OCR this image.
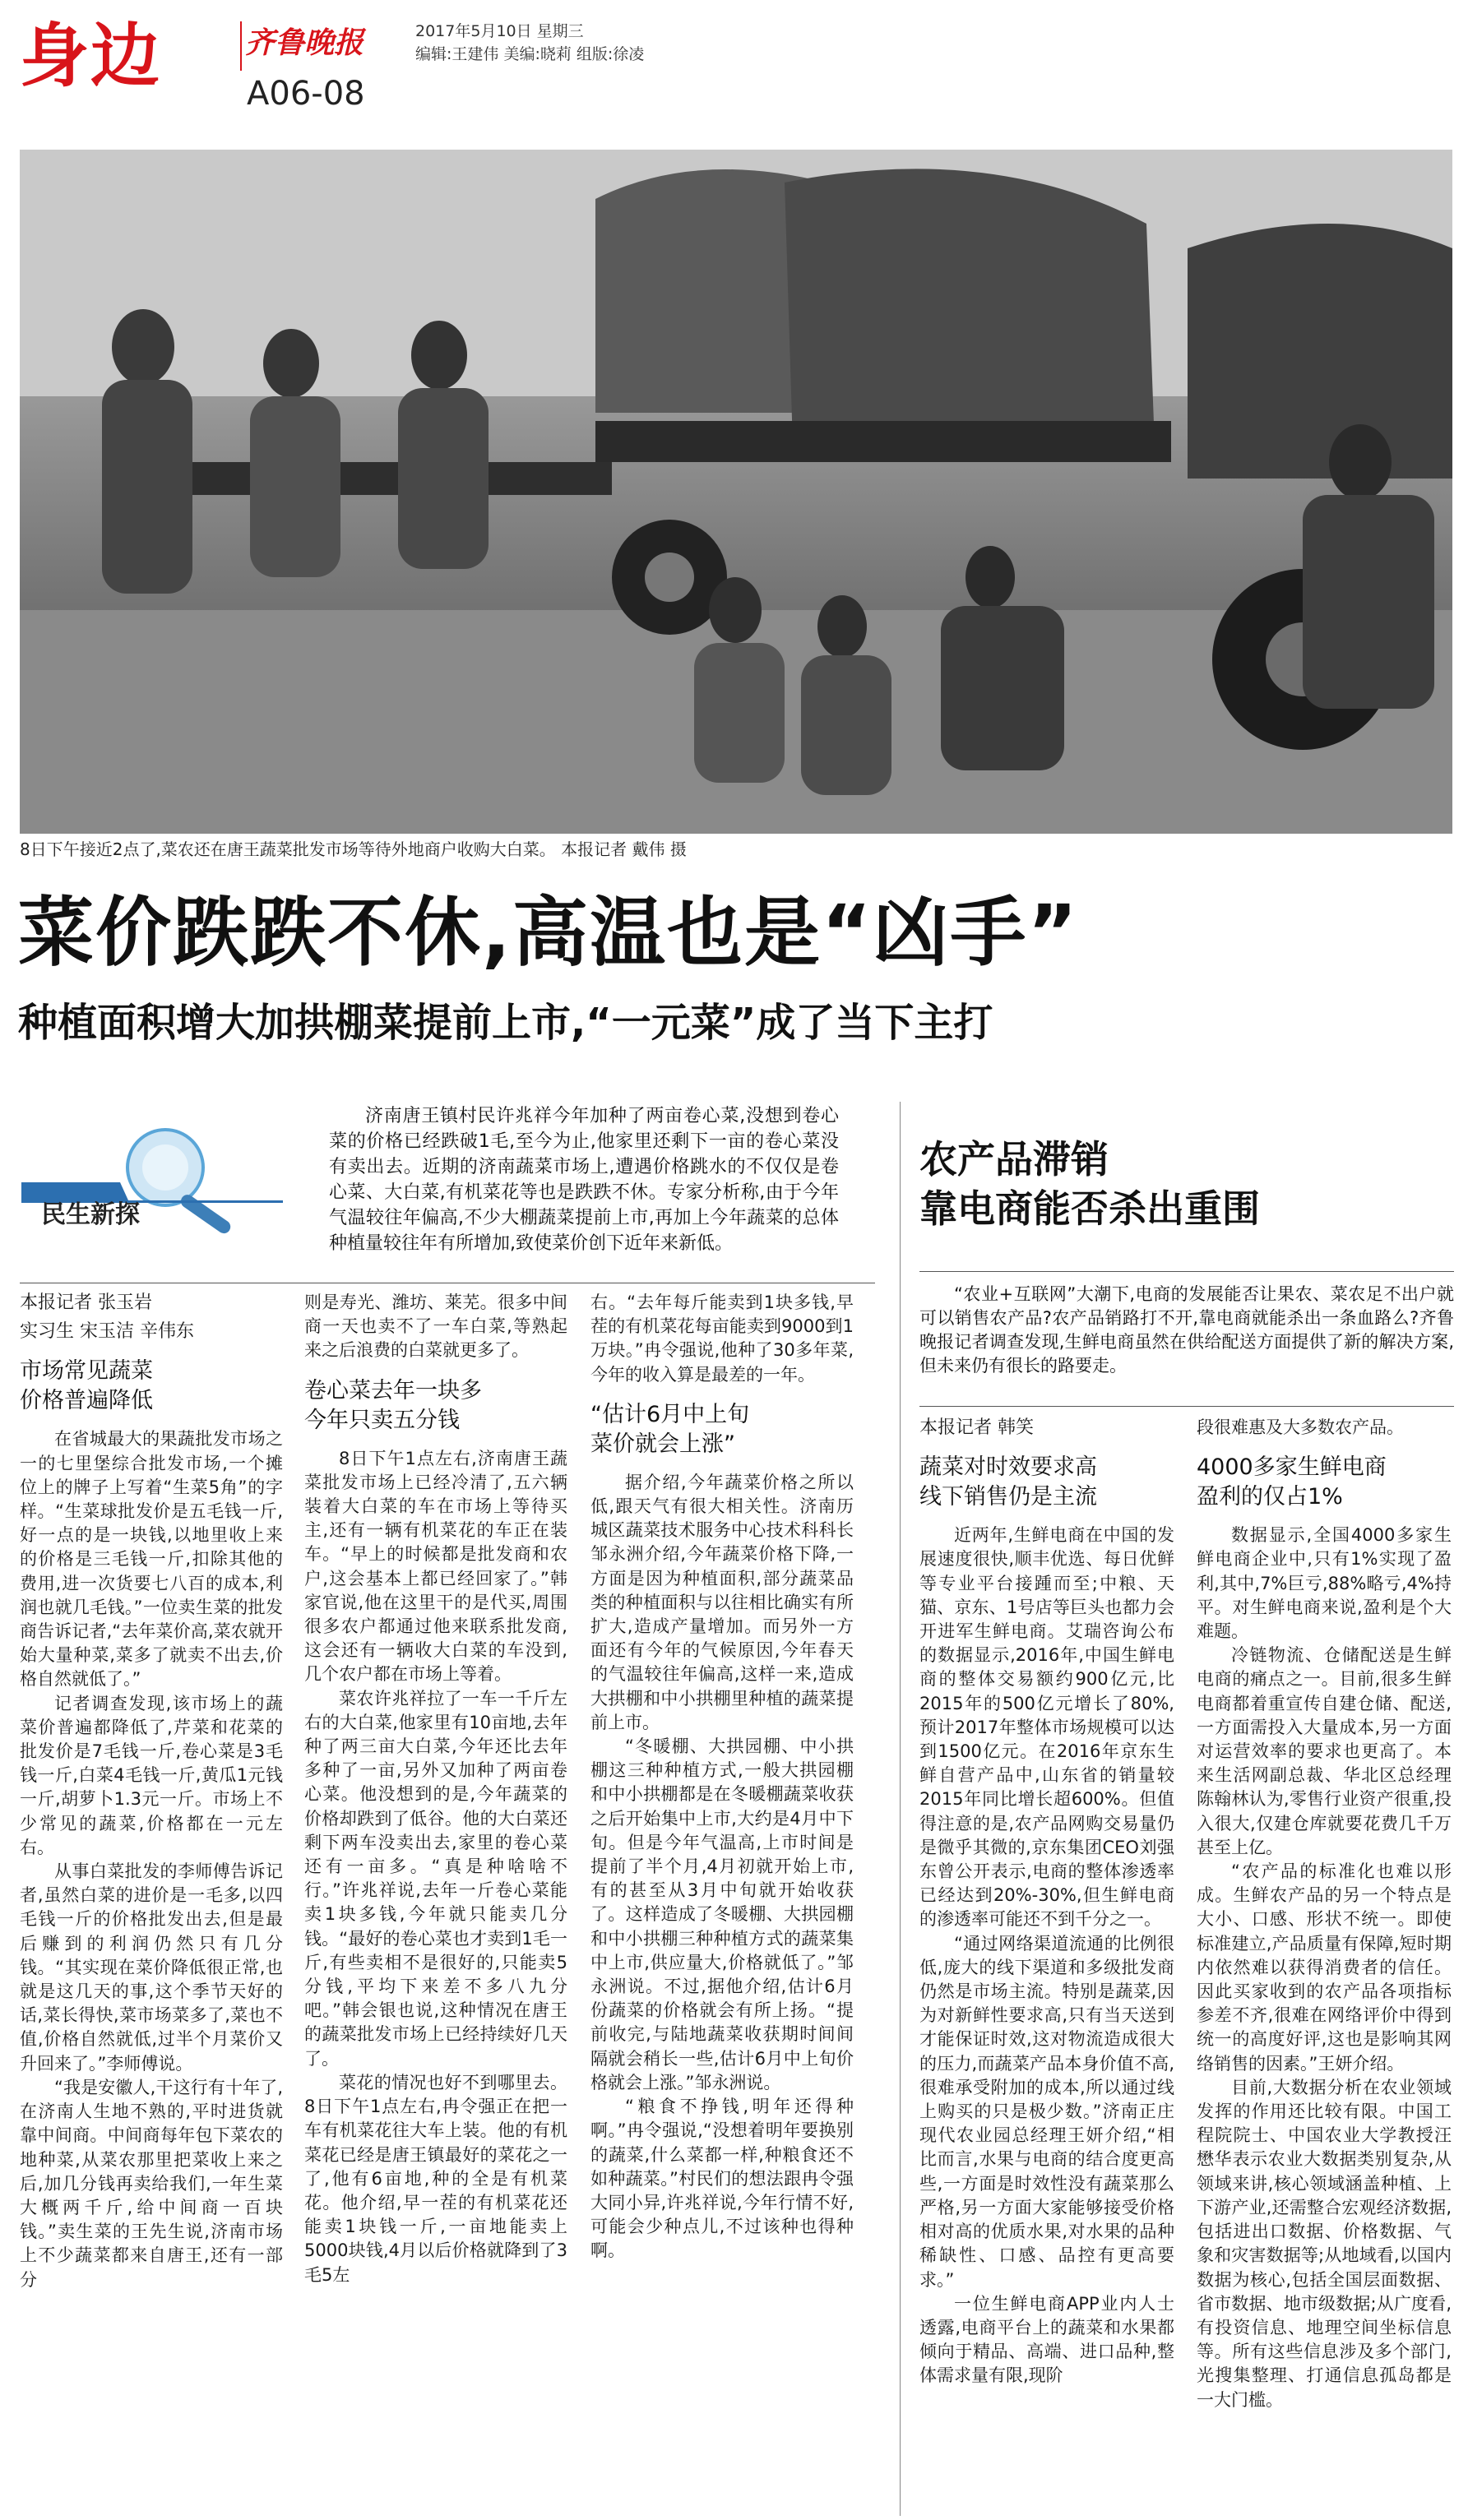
身边	齐鲁晚报	2017年5月10日 星期三
编辑:王建伟 美编:晓莉 组版:徐凌
A06-08
8日下午接近2点了,菜农还在唐王蔬菜批发市场等待外地商户收购大白菜。 本报记者 戴伟 摄
菜价跌跌不休,高温也是“凶手”
种植面积增大加拱棚菜提前上市,“一元菜”成了当下主打
民生新探
济南唐王镇村民许兆祥今年加种了两亩卷心菜,没想到卷心菜的价格已经跌破1毛,至今为止,他家里还剩下一亩的卷心菜没有卖出去。近期的济南蔬菜市场上,遭遇价格跳水的不仅仅是卷心菜、大白菜,有机菜花等也是跌跌不休。专家分析称,由于今年气温较往年偏高,不少大棚蔬菜提前上市,再加上今年蔬菜的总体种植量较往年有所增加,致使菜价创下近年来新低。
农产品滞销
靠电商能否杀出重围
“农业+互联网”大潮下,电商的发展能否让果农、菜农足不出户就可以销售农产品?农产品销路打不开,靠电商就能杀出一条血路么?齐鲁晚报记者调查发现,生鲜电商虽然在供给配送方面提供了新的解决方案,但未来仍有很长的路要走。

本报记者 张玉岩

实习生 宋玉洁 辛伟东

市场常见蔬菜
价格普遍降低

在省城最大的果蔬批发市场之一的七里堡综合批发市场,一个摊位上的牌子上写着“生菜5角”的字样。“生菜球批发价是五毛钱一斤,好一点的是一块钱,以地里收上来的价格是三毛钱一斤,扣除其他的费用,进一次货要七八百的成本,利润也就几毛钱。”一位卖生菜的批发商告诉记者,“去年菜价高,菜农就开始大量种菜,菜多了就卖不出去,价格自然就低了。”

记者调查发现,该市场上的蔬菜价普遍都降低了,芹菜和花菜的批发价是7毛钱一斤,卷心菜是3毛钱一斤,白菜4毛钱一斤,黄瓜1元钱一斤,胡萝卜1.3元一斤。市场上不少常见的蔬菜,价格都在一元左右。

从事白菜批发的李师傅告诉记者,虽然白菜的进价是一毛多,以四毛钱一斤的价格批发出去,但是最后赚到的利润仍然只有几分钱。“其实现在菜价降低很正常,也就是这几天的事,这个季节天好的话,菜长得快,菜市场菜多了,菜也不值,价格自然就低,过半个月菜价又升回来了。”李师傅说。

“我是安徽人,干这行有十年了,在济南人生地不熟的,平时进货就靠中间商。中间商每年包下菜农的地种菜,从菜农那里把菜收上来之后,加几分钱再卖给我们,一年生菜大概两千斤,给中间商一百块钱。”卖生菜的王先生说,济南市场上不少蔬菜都来自唐王,还有一部分

则是寿光、潍坊、莱芜。很多中间商一天也卖不了一车白菜,等熟起来之后浪费的白菜就更多了。

卷心菜去年一块多
今年只卖五分钱

8日下午1点左右,济南唐王蔬菜批发市场上已经冷清了,五六辆装着大白菜的车在市场上等待买主,还有一辆有机菜花的车正在装车。“早上的时候都是批发商和农户,这会基本上都已经回家了。”韩家官说,他在这里干的是代买,周围很多农户都通过他来联系批发商,这会还有一辆收大白菜的车没到,几个农户都在市场上等着。

菜农许兆祥拉了一车一千斤左右的大白菜,他家里有10亩地,去年种了两三亩大白菜,今年还比去年多种了一亩,另外又加种了两亩卷心菜。他没想到的是,今年蔬菜的价格却跌到了低谷。他的大白菜还剩下两车没卖出去,家里的卷心菜还有一亩多。“真是种啥啥不行。”许兆祥说,去年一斤卷心菜能卖1块多钱,今年就只能卖几分钱。“最好的卷心菜也才卖到1毛一斤,有些卖相不是很好的,只能卖5分钱,平均下来差不多八九分吧。”韩会银也说,这种情况在唐王的蔬菜批发市场上已经持续好几天了。

菜花的情况也好不到哪里去。8日下午1点左右,冉令强正在把一车有机菜花往大车上装。他的有机菜花已经是唐王镇最好的菜花之一了,他有6亩地,种的全是有机菜花。他介绍,早一茬的有机菜花还能卖1块钱一斤,一亩地能卖上5000块钱,4月以后价格就降到了3毛5左

右。“去年每斤能卖到1块多钱,早茬的有机菜花每亩能卖到9000到1万块。”冉令强说,他种了30多年菜,今年的收入算是最差的一年。

“估计6月中上旬
菜价就会上涨”

据介绍,今年蔬菜价格之所以低,跟天气有很大相关性。济南历城区蔬菜技术服务中心技术科科长邹永洲介绍,今年蔬菜价格下降,一方面是因为种植面积,部分蔬菜品类的种植面积与以往相比确实有所扩大,造成产量增加。而另外一方面还有今年的气候原因,今年春天的气温较往年偏高,这样一来,造成大拱棚和中小拱棚里种植的蔬菜提前上市。

“冬暖棚、大拱园棚、中小拱棚这三种种植方式,一般大拱园棚和中小拱棚都是在冬暖棚蔬菜收获之后开始集中上市,大约是4月中下旬。但是今年气温高,上市时间是提前了半个月,4月初就开始上市,有的甚至从3月中旬就开始收获了。这样造成了冬暖棚、大拱园棚和中小拱棚三种种植方式的蔬菜集中上市,供应量大,价格就低了。”邹永洲说。不过,据他介绍,估计6月份蔬菜的价格就会有所上扬。“提前收完,与陆地蔬菜收获期时间间隔就会稍长一些,估计6月中上旬价格就会上涨。”邹永洲说。

“粮食不挣钱,明年还得种啊。”冉令强说,“没想着明年要换别的蔬菜,什么菜都一样,种粮食还不如种蔬菜。”村民们的想法跟冉令强大同小异,许兆祥说,今年行情不好,可能会少种点儿,不过该种也得种啊。

本报记者 韩笑

蔬菜对时效要求高
线下销售仍是主流

近两年,生鲜电商在中国的发展速度很快,顺丰优选、每日优鲜等专业平台接踵而至;中粮、天猫、京东、1号店等巨头也都力会开进军生鲜电商。艾瑞咨询公布的数据显示,2016年,中国生鲜电商的整体交易额约900亿元,比2015年的500亿元增长了80%,预计2017年整体市场规模可以达到1500亿元。在2016年京东生鲜自营产品中,山东省的销量较2015年同比增长超600%。但值得注意的是,农产品网购交易量仍是微乎其微的,京东集团CEO刘强东曾公开表示,电商的整体渗透率已经达到20%-30%,但生鲜电商的渗透率可能还不到千分之一。

“通过网络渠道流通的比例很低,庞大的线下渠道和多级批发商仍然是市场主流。特别是蔬菜,因为对新鲜性要求高,只有当天送到才能保证时效,这对物流造成很大的压力,而蔬菜产品本身价值不高,很难承受附加的成本,所以通过线上购买的只是极少数。”济南正庄现代农业园总经理王妍介绍,“相比而言,水果与电商的结合度更高些,一方面是时效性没有蔬菜那么严格,另一方面大家能够接受价格相对高的优质水果,对水果的品种稀缺性、口感、品控有更高要求。”

一位生鲜电商APP业内人士透露,电商平台上的蔬菜和水果都倾向于精品、高端、进口品种,整体需求量有限,现阶

段很难惠及大多数农产品。

4000多家生鲜电商
盈利的仅占1%

数据显示,全国4000多家生鲜电商企业中,只有1%实现了盈利,其中,7%巨亏,88%略亏,4%持平。对生鲜电商来说,盈利是个大难题。

冷链物流、仓储配送是生鲜电商的痛点之一。目前,很多生鲜电商都着重宣传自建仓储、配送,一方面需投入大量成本,另一方面对运营效率的要求也更高了。本来生活网副总裁、华北区总经理陈翰林认为,零售行业资产很重,投入很大,仅建仓库就要花费几千万甚至上亿。

“农产品的标准化也难以形成。生鲜农产品的另一个特点是大小、口感、形状不统一。即使标准建立,产品质量有保障,短时期内依然难以获得消费者的信任。因此买家收到的农产品各项指标参差不齐,很难在网络评价中得到统一的高度好评,这也是影响其网络销售的因素。”王妍介绍。

目前,大数据分析在农业领域发挥的作用还比较有限。中国工程院院士、中国农业大学教授汪懋华表示农业大数据类别复杂,从领域来讲,核心领域涵盖种植、上下游产业,还需整合宏观经济数据,包括进出口数据、价格数据、气象和灾害数据等;从地域看,以国内数据为核心,包括全国层面数据、省市数据、地市级数据;从广度看,有投资信息、地理空间坐标信息等。所有这些信息涉及多个部门,光搜集整理、打通信息孤岛都是一大门槛。
